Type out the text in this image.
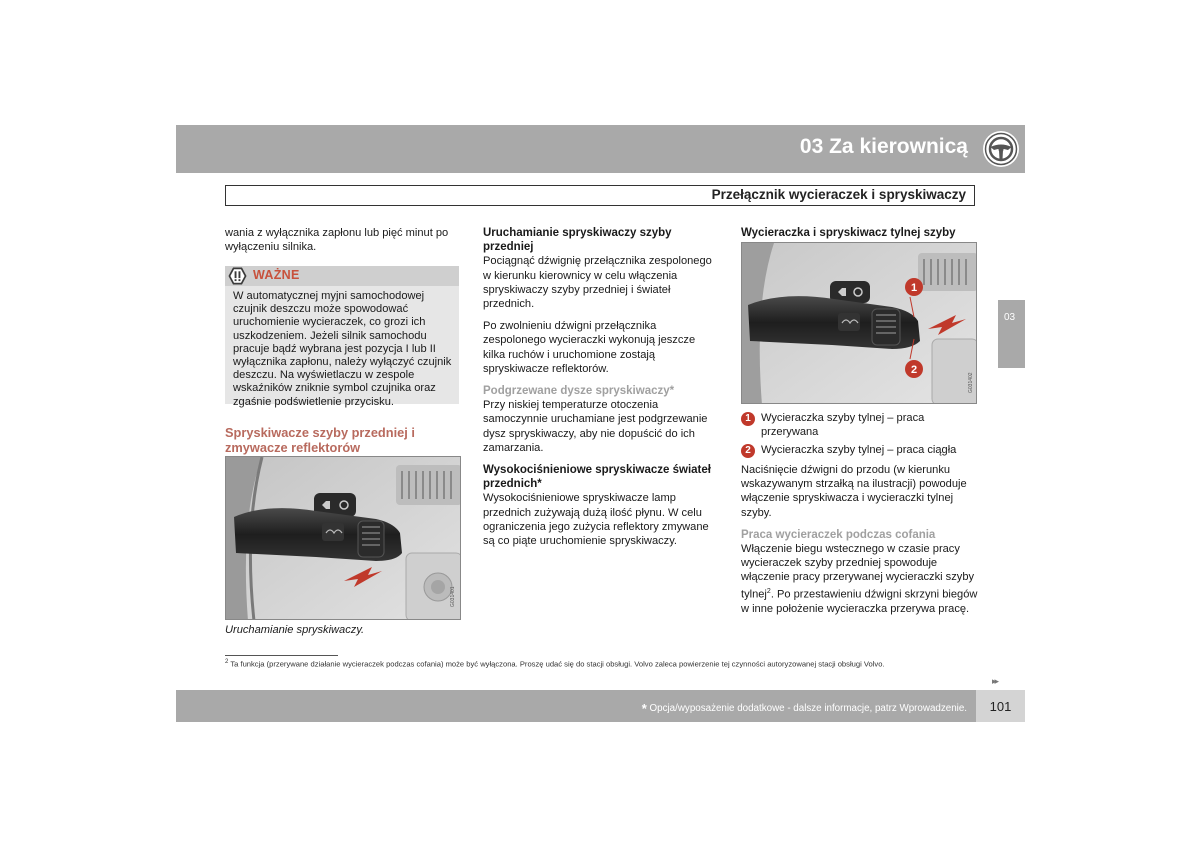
03 Za kierownicą
Przełącznik wycieraczek i spryskiwaczy
03
wania z wyłącznika zapłonu lub pięć minut po wyłączeniu silnika.
WAŻNE
W automatycznej myjni samochodowej czujnik deszczu może spowodować uruchomienie wycieraczek, co grozi ich uszkodzeniem. Jeżeli silnik samochodu pracuje bądź wybrana jest pozycja I lub II wyłącznika zapłonu, należy wyłączyć czujnik deszczu. Na wyświetlaczu w zespole wskaźników zniknie symbol czujnika oraz zgaśnie podświetlenie przycisku.
Spryskiwacze szyby przedniej i zmywacze reflektorów
G031401
Uruchamianie spryskiwaczy.
Uruchamianie spryskiwaczy szyby przedniej

Pociągnąć dźwignię przełącznika zespolonego w kierunku kierownicy w celu włączenia spryskiwaczy szyby przedniej i świateł przednich.

Po zwolnieniu dźwigni przełącznika zespolonego wycieraczki wykonują jeszcze kilka ruchów i uruchomione zostają spryskiwacze reflektorów.

Podgrzewane dysze spryskiwaczy*

Przy niskiej temperaturze otoczenia samoczynnie uruchamiane jest podgrzewanie dysz spryskiwaczy, aby nie dopuścić do ich zamarzania.

Wysokociśnieniowe spryskiwacze świateł przednich*

Wysokociśnieniowe spryskiwacze lamp przednich zużywają dużą ilość płynu. W celu ograniczenia jego zużycia reflektory zmywane są co piąte uruchomienie spryskiwaczy.

Wycieraczka i spryskiwacz tylnej szyby
1
2
G031402
1 Wycieraczka szyby tylnej – praca przerywana
2 Wycieraczka szyby tylnej – praca ciągła

Naciśnięcie dźwigni do przodu (w kierunku wskazywanym strzałką na ilustracji) powoduje włączenie spryskiwacza i wycieraczki tylnej szyby.

Praca wycieraczek podczas cofania

Włączenie biegu wstecznego w czasie pracy wycieraczek szyby przedniej spowoduje włączenie pracy przerywanej wycieraczki szyby tylnej$^2$. Po przestawieniu dźwigni skrzyni biegów w inne położenie wycieraczka przerywa pracę.

$^2$ Ta funkcja (przerywane działanie wycieraczek podczas cofania) może być wyłączona. Proszę udać się do stacji obsługi. Volvo zaleca powierzenie tej czynności autoryzowanej stacji obsługi Volvo.
▸▸
* Opcja/wyposażenie dodatkowe - dalsze informacje, patrz Wprowadzenie.	101
